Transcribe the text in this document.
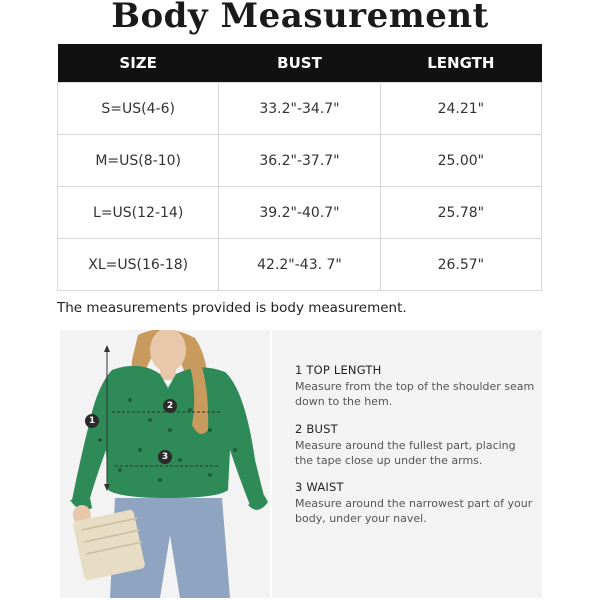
Body Measurement
SIZE	BUST	LENGTH
S=US(4-6)	33.2"-34.7"	24.21"
M=US(8-10)	36.2"-37.7"	25.00"
L=US(12-14)	39.2"-40.7"	25.78"
XL=US(16-18)	42.2"-43. 7"	26.57"
The measurements provided is body measurement.
1
2
3
1 TOP LENGTH
Measure from the top of the shoulder seam down to the hem.
2 BUST
Measure around the fullest part, placing the tape close up under the arms.
3 WAIST
Measure around the narrowest part of your body, under your navel.
